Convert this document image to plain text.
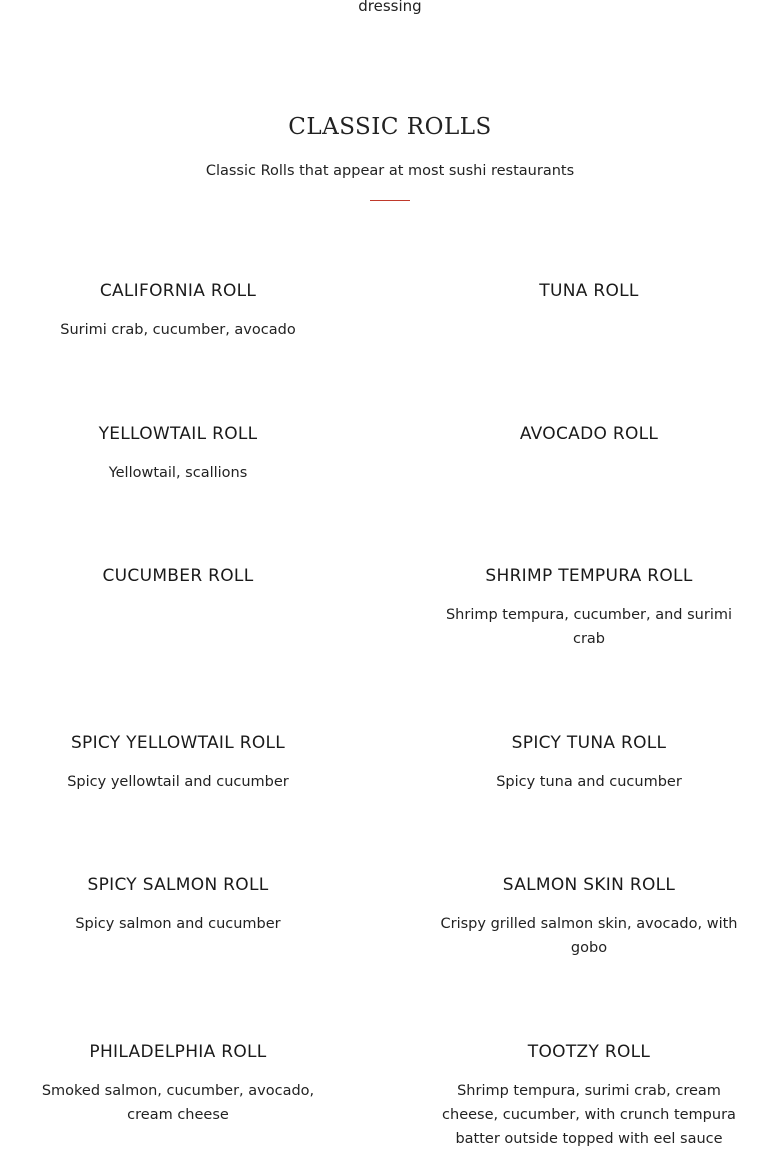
dressing
CLASSIC ROLLS

Classic Rolls that appear at most sushi restaurants

CALIFORNIA ROLL

Surimi crab, cucumber, avocado

TUNA ROLL

YELLOWTAIL ROLL

Yellowtail, scallions

AVOCADO ROLL

CUCUMBER ROLL	SHRIMP TEMPURA ROLL

Shrimp tempura, cucumber, and surimi crab

SPICY YELLOWTAIL ROLL

Spicy yellowtail and cucumber

SPICY TUNA ROLL

Spicy tuna and cucumber

SPICY SALMON ROLL

Spicy salmon and cucumber

SALMON SKIN ROLL

Crispy grilled salmon skin, avocado, with gobo

PHILADELPHIA ROLL

Smoked salmon, cucumber, avocado, cream cheese

TOOTZY ROLL

Shrimp tempura, surimi crab, cream cheese, cucumber, with crunch tempura batter outside topped with eel sauce
